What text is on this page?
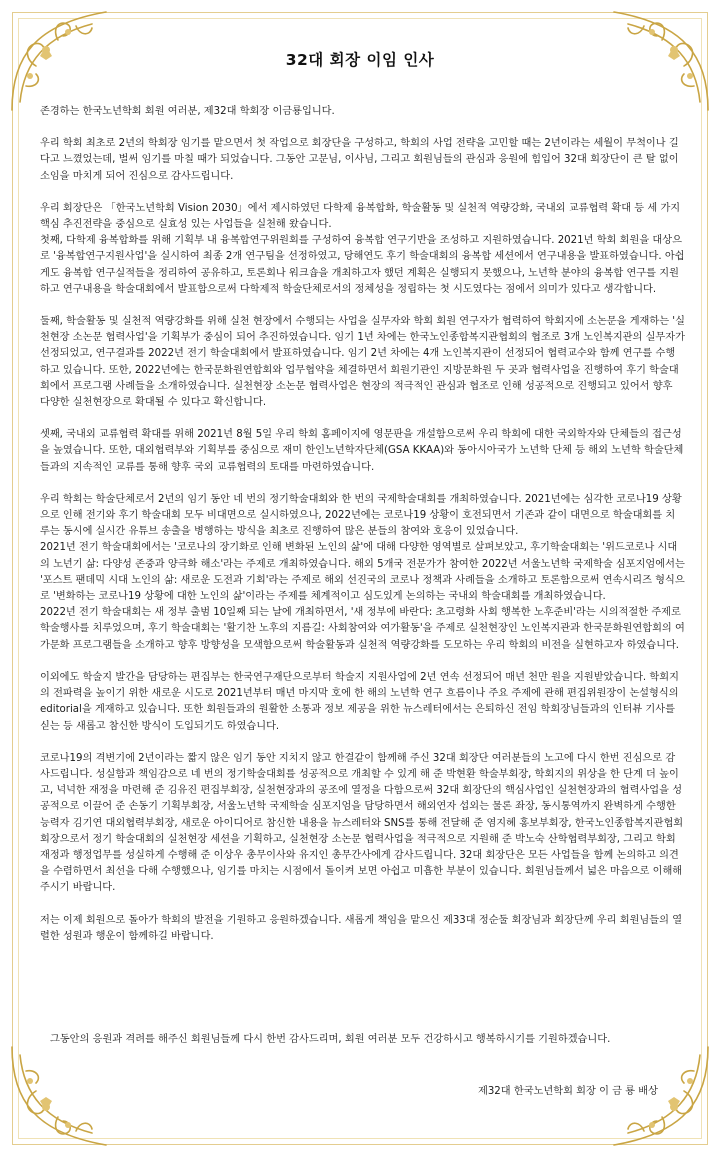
32대 회장 이임 인사

존경하는 한국노년학회 회원 여러분, 제32대 학회장 이금룡입니다.

우리 학회 최초로 2년의 학회장 임기를 맡으면서 첫 작업으로 회장단을 구성하고, 학회의 사업 전략을 고민할 때는 2년이라는 세월이 무척이나 길다고 느꼈었는데, 벌써 임기를 마칠 때가 되었습니다. 그동안 고문님, 이사님, 그리고 회원님들의 관심과 응원에 힘입어 32대 회장단이 큰 탈 없이 소임을 마치게 되어 진심으로 감사드립니다.

우리 회장단은 「한국노년학회 Vision 2030」에서 제시하였던 다학제 융복합화, 학술활동 및 실천적 역량강화, 국내외 교류협력 확대 등 세 가지 핵심 추진전략을 중심으로 실효성 있는 사업들을 실천해 왔습니다.

첫째, 다학제 융복합화를 위해 기획부 내 융복합연구위원회를 구성하여 융복합 연구기반을 조성하고 지원하였습니다. 2021년 학회 회원을 대상으로 '융복합연구지원사업'을 실시하여 최종 2개 연구팀을 선정하였고, 당해연도 후기 학술대회의 융복합 세션에서 연구내용을 발표하였습니다. 아쉽게도 융복합 연구실적들을 정리하여 공유하고, 토론회나 워크숍을 개최하고자 했던 계획은 실행되지 못했으나, 노년학 분야의 융복합 연구를 지원하고 연구내용을 학술대회에서 발표함으로써 다학제적 학술단체로서의 정체성을 정립하는 첫 시도였다는 점에서 의미가 있다고 생각합니다.

둘째, 학술활동 및 실천적 역량강화를 위해 실천 현장에서 수행되는 사업을 실무자와 학회 회원 연구자가 협력하여 학회지에 소논문을 게재하는 '실천현장 소논문 협력사업'을 기획부가 중심이 되어 추진하였습니다. 임기 1년 차에는 한국노인종합복지관협회의 협조로 3개 노인복지관의 실무자가 선정되었고, 연구결과를 2022년 전기 학술대회에서 발표하였습니다. 임기 2년 차에는 4개 노인복지관이 선정되어 협력교수와 함께 연구를 수행하고 있습니다. 또한, 2022년에는 한국문화원연합회와 업무협약을 체결하면서 회원기관인 지방문화원 두 곳과 협력사업을 진행하여 후기 학술대회에서 프로그램 사례들을 소개하였습니다. 실천현장 소논문 협력사업은 현장의 적극적인 관심과 협조로 인해 성공적으로 진행되고 있어서 향후 다양한 실천현장으로 확대될 수 있다고 확신합니다.

셋째, 국내외 교류협력 확대를 위해 2021년 8월 5일 우리 학회 홈페이지에 영문판을 개설함으로써 우리 학회에 대한 국외학자와 단체들의 접근성을 높였습니다. 또한, 대외협력부와 기획부를 중심으로 재미 한인노년학자단체(GSA KKAA)와 동아시아국가 노년학 단체 등 해외 노년학 학술단체들과의 지속적인 교류를 통해 향후 국외 교류협력의 토대를 마련하였습니다.

우리 학회는 학술단체로서 2년의 임기 동안 네 번의 정기학술대회와 한 번의 국제학술대회를 개최하였습니다. 2021년에는 심각한 코로나19 상황으로 인해 전기와 후기 학술대회 모두 비대면으로 실시하였으나, 2022년에는 코로나19 상황이 호전되면서 기존과 같이 대면으로 학술대회를 치루는 동시에 실시간 유튜브 송출을 병행하는 방식을 최초로 진행하여 많은 분들의 참여와 호응이 있었습니다.

2021년 전기 학술대회에서는 '코로나의 장기화로 인해 변화된 노인의 삶'에 대해 다양한 영역별로 살펴보았고, 후기학술대회는 '위드코로나 시대의 노년기 삶: 다양성 존중과 양극화 해소'라는 주제로 개최하였습니다. 해외 5개국 전문가가 참여한 2022년 서울노년학 국제학술 심포지엄에서는 '포스트 팬데믹 시대 노인의 삶: 새로운 도전과 기회'라는 주제로 해외 선진국의 코로나 정책과 사례들을 소개하고 토론함으로써 연속시리즈 형식으로 '변화하는 코로나19 상황에 대한 노인의 삶'이라는 주제를 체계적이고 심도있게 논의하는 국내외 학술대회를 개최하였습니다.

2022년 전기 학술대회는 새 정부 출범 10일째 되는 날에 개최하면서, '새 정부에 바란다: 초고령화 사회 행복한 노후준비'라는 시의적절한 주제로 학술행사를 치루었으며, 후기 학술대회는 '활기찬 노후의 지름길: 사회참여와 여가활동'을 주제로 실천현장인 노인복지관과 한국문화원연합회의 여가문화 프로그램들을 소개하고 향후 방향성을 모색함으로써 학술활동과 실천적 역량강화를 도모하는 우리 학회의 비전을 실현하고자 하였습니다.

이외에도 학술지 발간을 담당하는 편집부는 한국연구재단으로부터 학술지 지원사업에 2년 연속 선정되어 매년 천만 원을 지원받았습니다. 학회지의 전파력을 높이기 위한 새로운 시도로 2021년부터 매년 마지막 호에 한 해의 노년학 연구 흐름이나 주요 주제에 관해 편집위원장이 논설형식의 editorial을 게재하고 있습니다. 또한 회원들과의 원활한 소통과 정보 제공을 위한 뉴스레터에서는 은퇴하신 전임 학회장님들과의 인터뷰 기사를 싣는 등 새롭고 참신한 방식이 도입되기도 하였습니다.

코로나19의 격변기에 2년이라는 짧지 않은 임기 동안 지치지 않고 한결같이 함께해 주신 32대 회장단 여러분들의 노고에 다시 한번 진심으로 감사드립니다. 성실함과 책임감으로 네 번의 정기학술대회를 성공적으로 개최할 수 있게 해 준 박현환 학술부회장, 학회지의 위상을 한 단계 더 높이고, 넉넉한 재정을 마련해 준 김유진 편집부회장, 실천현장과의 공조에 열정을 다함으로써 32대 회장단의 핵심사업인 실천현장과의 협력사업을 성공적으로 이끌어 준 손동기 기획부회장, 서울노년학 국제학술 심포지엄을 담당하면서 해외연자 섭외는 물론 좌장, 동시통역까지 완벽하게 수행한 능력자 김기연 대외협력부회장, 새로운 아이디어로 참신한 내용을 뉴스레터와 SNS를 통해 전달해 준 염지혜 홍보부회장, 한국노인종합복지관협회 회장으로서 정기 학술대회의 실천현장 세션을 기획하고, 실천현장 소논문 협력사업을 적극적으로 지원해 준 박노숙 산학협력부회장, 그리고 학회 재정과 행정업무를 성실하게 수행해 준 이상우 총무이사와 유지인 총무간사에게 감사드립니다. 32대 회장단은 모든 사업들을 함께 논의하고 의견을 수렴하면서 최선을 다해 수행했으나, 임기를 마치는 시점에서 돌이켜 보면 아쉽고 미흡한 부분이 있습니다. 회원님들께서 넓은 마음으로 이해해 주시기 바랍니다.

저는 이제 회원으로 돌아가 학회의 발전을 기원하고 응원하겠습니다. 새롭게 책임을 맡으신 제33대 정순둘 회장님과 회장단께 우리 회원님들의 열렬한 성원과 행운이 함께하길 바랍니다.

그동안의 응원과 격려를 해주신 회원님들께 다시 한번 감사드리며, 회원 여러분 모두 건강하시고 행복하시기를 기원하겠습니다.
제32대 한국노년학회 회장 이 금 룡 배상
